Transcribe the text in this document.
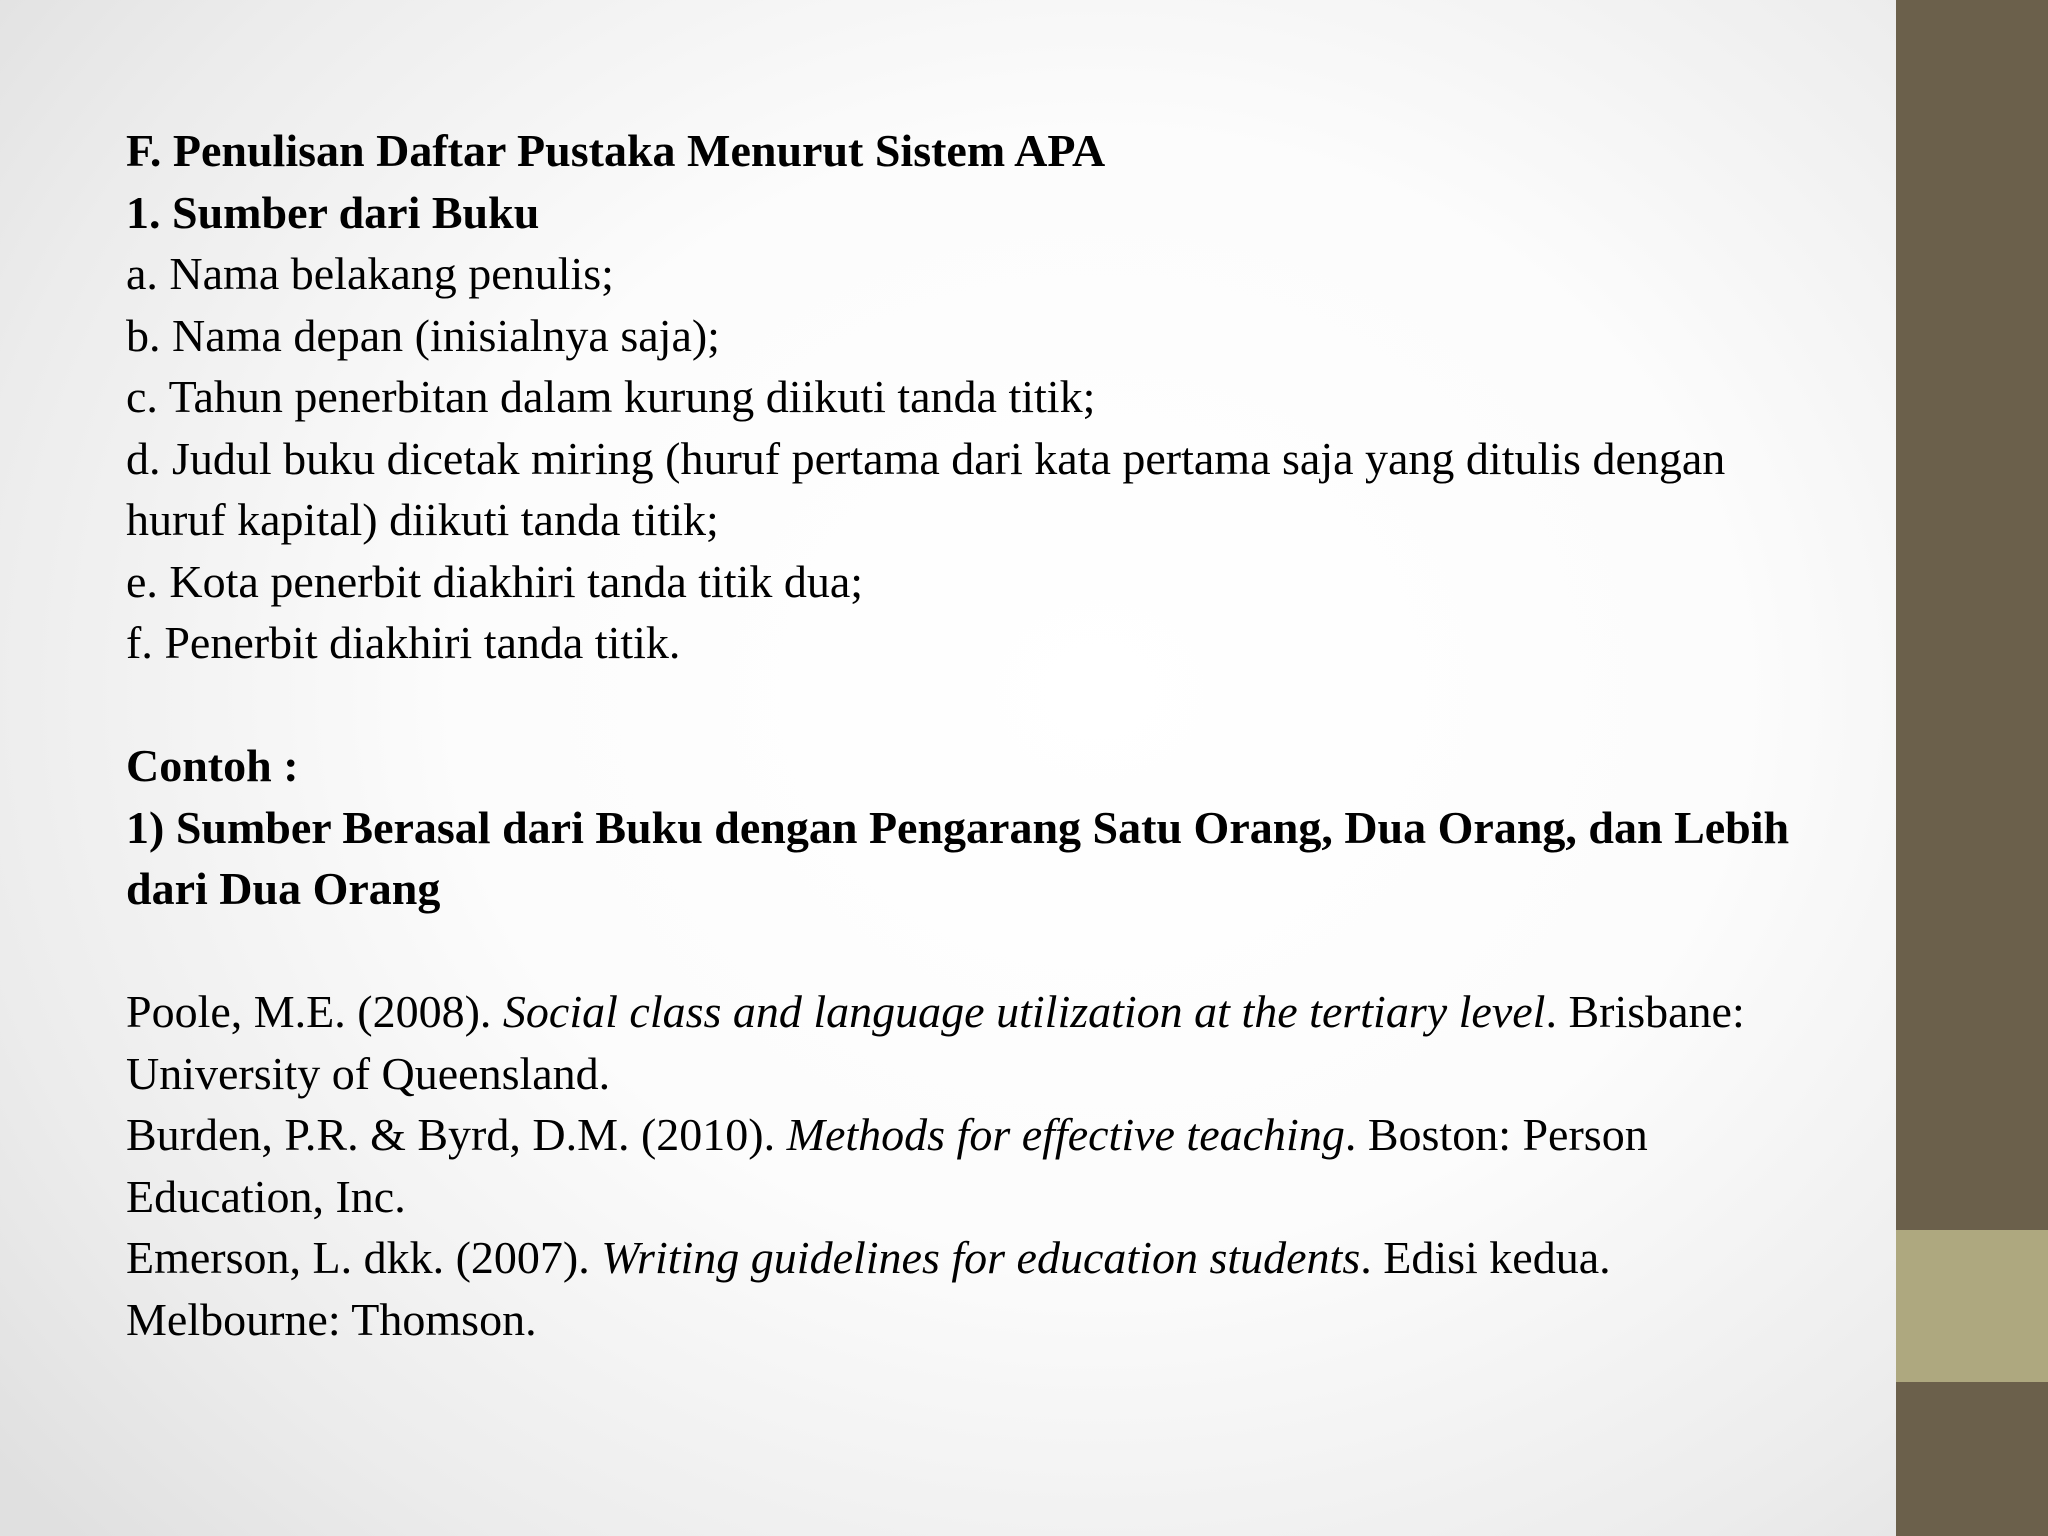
F. Penulisan Daftar Pustaka Menurut Sistem APA

1. Sumber dari Buku

a. Nama belakang penulis;

b. Nama depan (inisialnya saja);

c. Tahun penerbitan dalam kurung diikuti tanda titik;

d. Judul buku dicetak miring (huruf pertama dari kata pertama saja yang ditulis dengan huruf kapital) diikuti tanda titik;

e. Kota penerbit diakhiri tanda titik dua;

f. Penerbit diakhiri tanda titik.

Contoh :

1) Sumber Berasal dari Buku dengan Pengarang Satu Orang, Dua Orang, dan Lebih dari Dua Orang

Poole, M.E. (2008). Social class and language utilization at the tertiary level. Brisbane: University of Queensland.

Burden, P.R. & Byrd, D.M. (2010). Methods for effective teaching. Boston: Person Education, Inc.

Emerson, L. dkk. (2007). Writing guidelines for education students. Edisi kedua. Melbourne: Thomson.
